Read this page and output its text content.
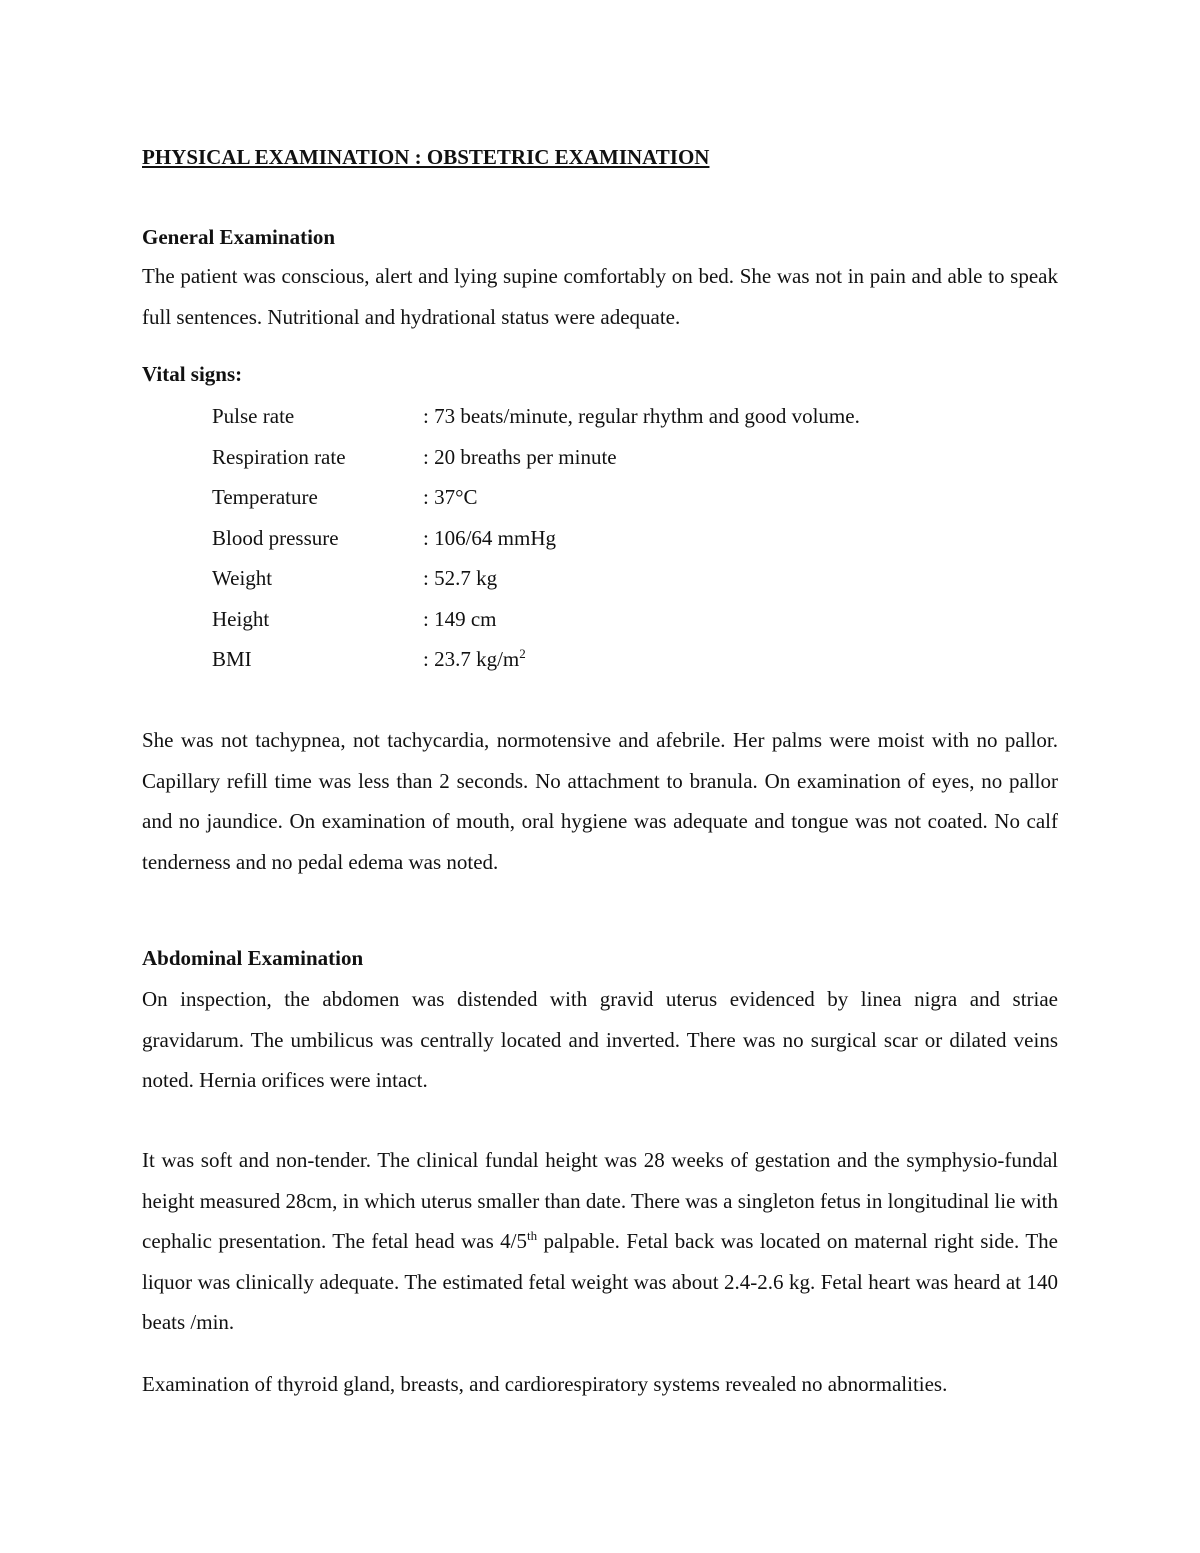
PHYSICAL EXAMINATION : OBSTETRIC EXAMINATION
General Examination
The patient was conscious, alert and lying supine comfortably on bed. She was not in pain and able to speak full sentences. Nutritional and hydrational status were adequate.
Vital signs:
Pulse rate	: 73 beats/minute, regular rhythm and good volume.
Respiration rate	: 20 breaths per minute
Temperature	: 37°C
Blood pressure	: 106/64 mmHg
Weight	: 52.7 kg
Height	: 149 cm
BMI	: 23.7 $kg/m^2$
She was not tachypnea, not tachycardia, normotensive and afebrile. Her palms were moist with no pallor. Capillary refill time was less than 2 seconds. No attachment to branula. On examination of eyes, no pallor and no jaundice. On examination of mouth, oral hygiene was adequate and tongue was not coated. No calf tenderness and no pedal edema was noted.
Abdominal Examination
On inspection, the abdomen was distended with gravid uterus evidenced by linea nigra and striae gravidarum. The umbilicus was centrally located and inverted. There was no surgical scar or dilated veins noted. Hernia orifices were intact.
It was soft and non-tender. The clinical fundal height was 28 weeks of gestation and the symphysio-fundal height measured 28cm, in which uterus smaller than date. There was a singleton fetus in longitudinal lie with cephalic presentation. The fetal head was 4/5th palpable. Fetal back was located on maternal right side. The liquor was clinically adequate. The estimated fetal weight was about 2.4-2.6 kg. Fetal heart was heard at 140 beats /min.
Examination of thyroid gland, breasts, and cardiorespiratory systems revealed no abnormalities.
